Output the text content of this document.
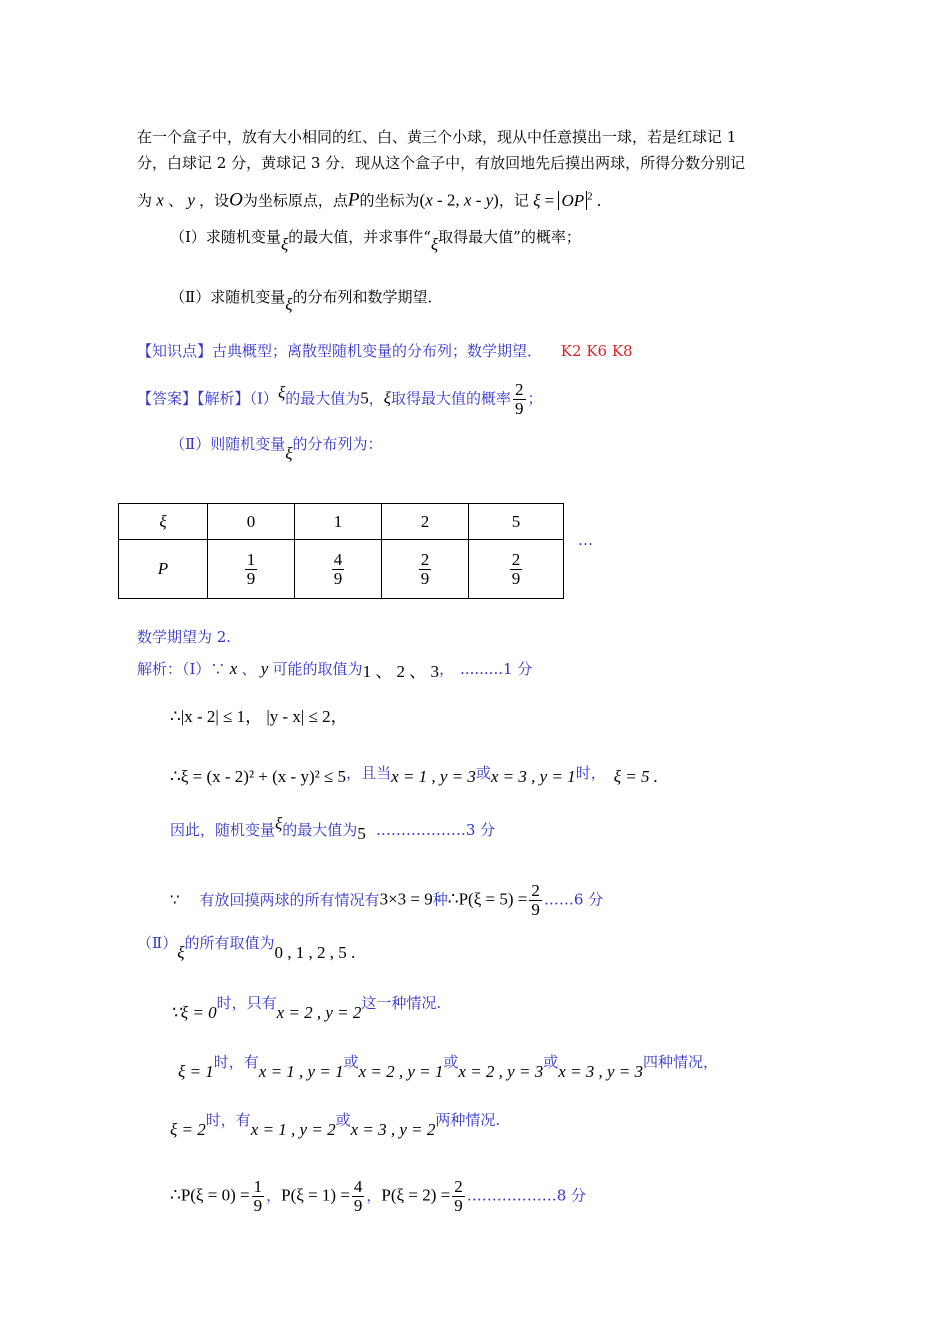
在一个盒子中，放有大小相同的红、白、黄三个小球，现从中任意摸出一球，若是红球记 1
分，白球记 2 分，黄球记 3 分．现从这个盒子中，有放回地先后摸出两球，所得分数分别记
为 x 、 y ，设O为坐标原点，点P的坐标为(x - 2, x - y)，记 ξ = OP $^2$ .
（I）求随机变量ξ的最大值，并求事件“ξ取得最大值”的概率；
（Ⅱ）求随机变量ξ的分布列和数学期望．
【知识点】古典概型；离散型随机变量的分布列；数学期望． K2 K6 K8
【答案】【解析】（I）ξ的最大值为5，ξ取得最大值的概率 $\frac{2}{9}$ ；
（Ⅱ）则随机变量ξ的分布列为：
ξ	0	1	2	5
P	$\frac{1}{9}$	$\frac{4}{9}$	$\frac{2}{9}$	$\frac{2}{9}$
…
数学期望为 2.
解析：（I）∵ x 、 y 可能的取值为1 、 2 、 3， .........1 分
∴|x - 2| ≤ 1， |y - x| ≤ 2，
∴ξ = (x - 2)² + (x - y)² ≤ 5，且当x = 1 , y = 3或x = 3 , y = 1时， ξ = 5 .
因此，随机变量ξ的最大值为5 ………………3 分
∵ 有放回摸两球的所有情况有3×3 = 9种∴P(ξ = $5) = \frac{2}{9}$ ……6 分
（Ⅱ）ξ的所有取值为0 , 1 , 2 , 5 .
∵ξ = 0时，只有x = 2 , y = 2这一种情况.
ξ = 1时，有x = 1 , y = 1或x = 2 , y = 1或x = 2 , y = 3或x = 3 , y = 3四种情况，
ξ = 2时，有x = 1 , y = 2或x = 3 , y = 2两种情况.
∴P(ξ = $0) = \frac{1}{9}$ ，$P(\xi = 1) = \frac{4}{9}$ ，$P(\xi = 2) = \frac{2}{9}$ ………………8 分
